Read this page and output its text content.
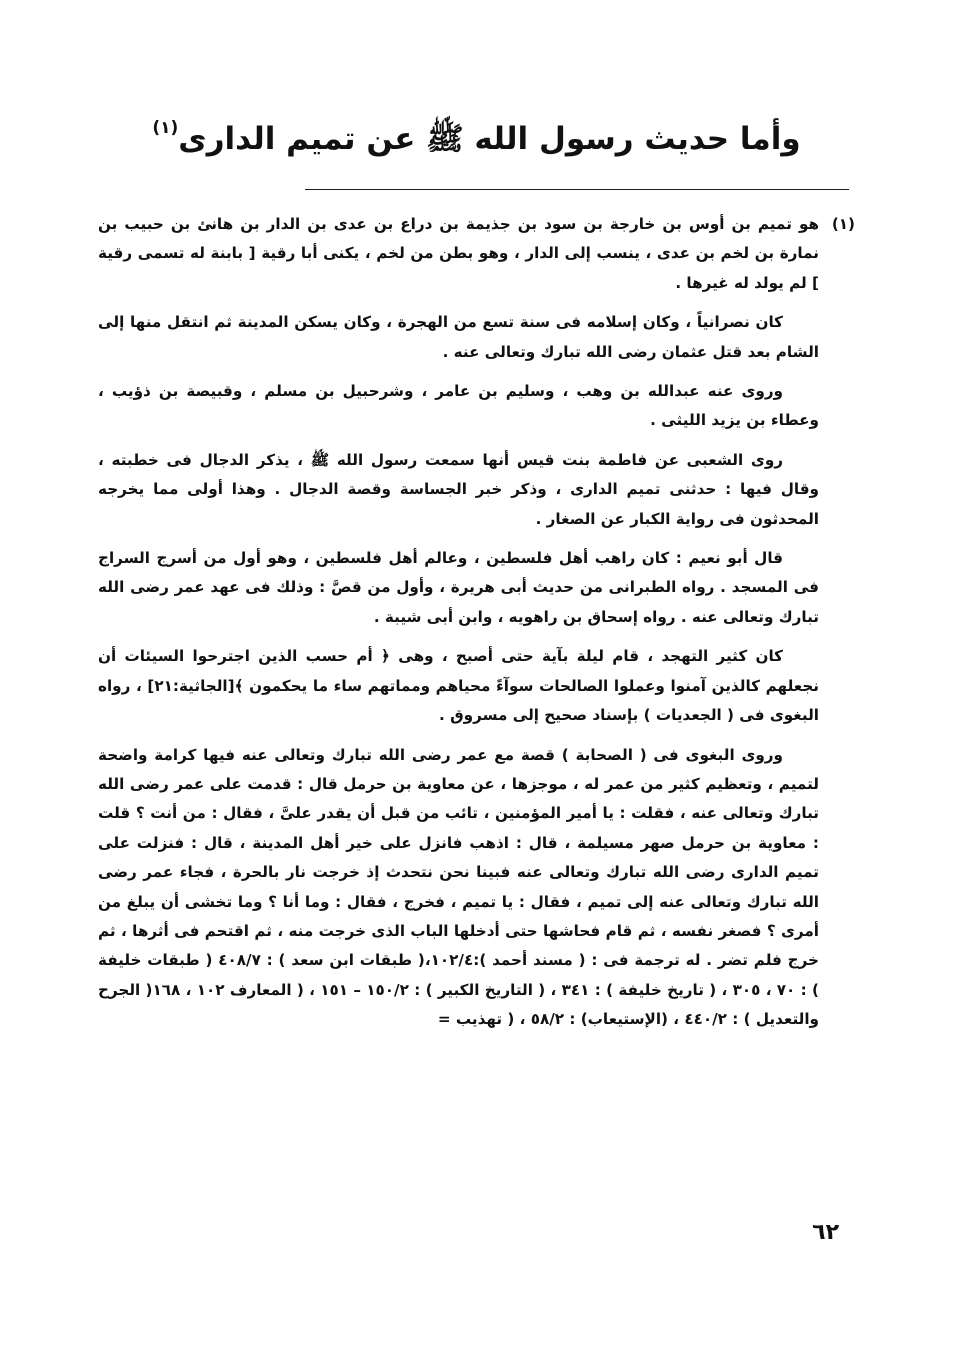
وأما حديث رسول الله ﷺ عن تميم الدارى$^{(١)}$

(١)هو تميم بن أوس بن خارجة بن سود بن جذيمة بن دراع بن عدى بن الدار بن هانئ بن حبيب بن نمارة بن لخم بن عدى ، ينسب إلى الدار ، وهو بطن من لخم ، يكنى أبا رقية [ بابنة له تسمى رقية ] لم يولد له غيرها .

كان نصرانياً ، وكان إسلامه فى سنة تسع من الهجرة ، وكان يسكن المدينة ثم انتقل منها إلى الشام بعد قتل عثمان رضى الله تبارك وتعالى عنه .

وروى عنه عبدالله بن وهب ، وسليم بن عامر ، وشرحبيل بن مسلم ، وقبيصة بن ذؤيب ، وعطاء بن يزيد الليثى .

روى الشعبى عن فاطمة بنت قيس أنها سمعت رسول الله ﷺ ، يذكر الدجال فى خطبته ، وقال فيها : حدثنى تميم الدارى ، وذكر خبر الجساسة وقصة الدجال . وهذا أولى مما يخرجه المحدثون فى رواية الكبار عن الصغار .

قال أبو نعيم : كان راهب أهل فلسطين ، وعالم أهل فلسطين ، وهو أول من أسرج السراج فى المسجد . رواه الطبرانى من حديث أبى هريرة ، وأول من قصَّ : وذلك فى عهد عمر رضى الله تبارك وتعالى عنه . رواه إسحاق بن راهويه ، وابن أبى شيبة .

كان كثير التهجد ، قام ليلة بآية حتى أصبح ، وهى ﴿ أم حسب الذين اجترحوا السيئات أن نجعلهم كالذين آمنوا وعملوا الصالحات سوآءً محياهم ومماتهم ساء ما يحكمون ﴾[الجاثية:٢١] ، رواه البغوى فى ( الجعديات ) بإسناد صحيح إلى مسروق .

وروى البغوى فى ( الصحابة ) قصة مع عمر رضى الله تبارك وتعالى عنه فيها كرامة واضحة لتميم ، وتعظيم كثير من عمر له ، موجزها ، عن معاوية بن حرمل قال : قدمت على عمر رضى الله تبارك وتعالى عنه ، فقلت : يا أمير المؤمنين ، تائب من قبل أن يقدر علىَّ ، فقال : من أنت ؟ قلت : معاوية بن حرمل صهر مسيلمة ، قال : اذهب فانزل على خير أهل المدينة ، قال : فنزلت على تميم الدارى رضى الله تبارك وتعالى عنه فبينا نحن نتحدث إذ خرجت نار بالحرة ، فجاء عمر رضى الله تبارك وتعالى عنه إلى تميم ، فقال : يا تميم ، فخرج ، فقال : وما أنا ؟ وما تخشى أن يبلغ من أمرى ؟ فصغر نفسه ، ثم قام فحاشها حتى أدخلها الباب الذى خرجت منه ، ثم اقتحم فى أثرها ، ثم خرج فلم تضر . له ترجمة فى : ( مسند أحمد ):١٠٢/٤،( طبقات ابن سعد ) : ٤٠٨/٧ ( طبقات خليفة ) : ٧٠ ، ٣٠٥ ، ( تاريخ خليفة ) : ٣٤١ ، ( التاريخ الكبير ) : ١٥٠/٢ – ١٥١ ، ( المعارف ١٠٢ ، ١٦٨( الجرح والتعديل ) : ٤٤٠/٢ ، (الإستيعاب) : ٥٨/٢ ، ( تهذيب =

٦٢
